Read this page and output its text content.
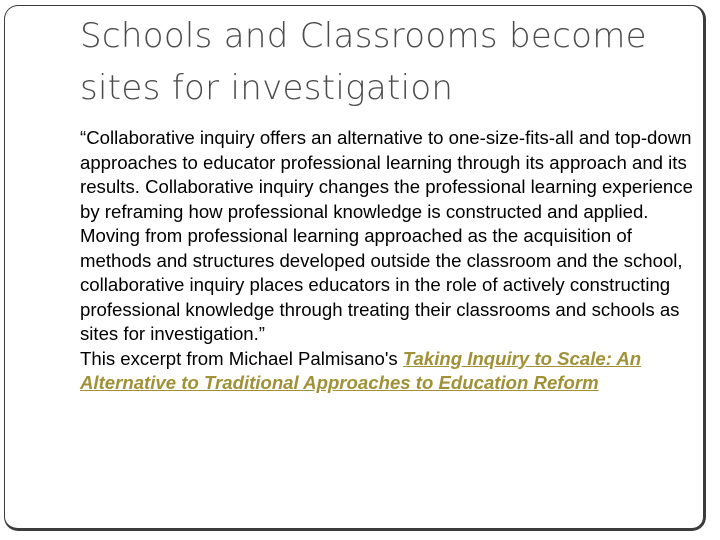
Schools and Classrooms become sites for investigation

“Collaborative inquiry offers an alternative to one-size-fits-all and top-down approaches to educator professional learning through its approach and its results. Collaborative inquiry changes the professional learning experience by reframing how professional knowledge is constructed and applied. Moving from professional learning approached as the acquisition of methods and structures developed outside the classroom and the school, collaborative inquiry places educators in the role of actively constructing professional knowledge through treating their classrooms and schools as sites for investigation.”

This excerpt from Michael Palmisano's Taking Inquiry to Scale: An Alternative to Traditional Approaches to Education Reform
